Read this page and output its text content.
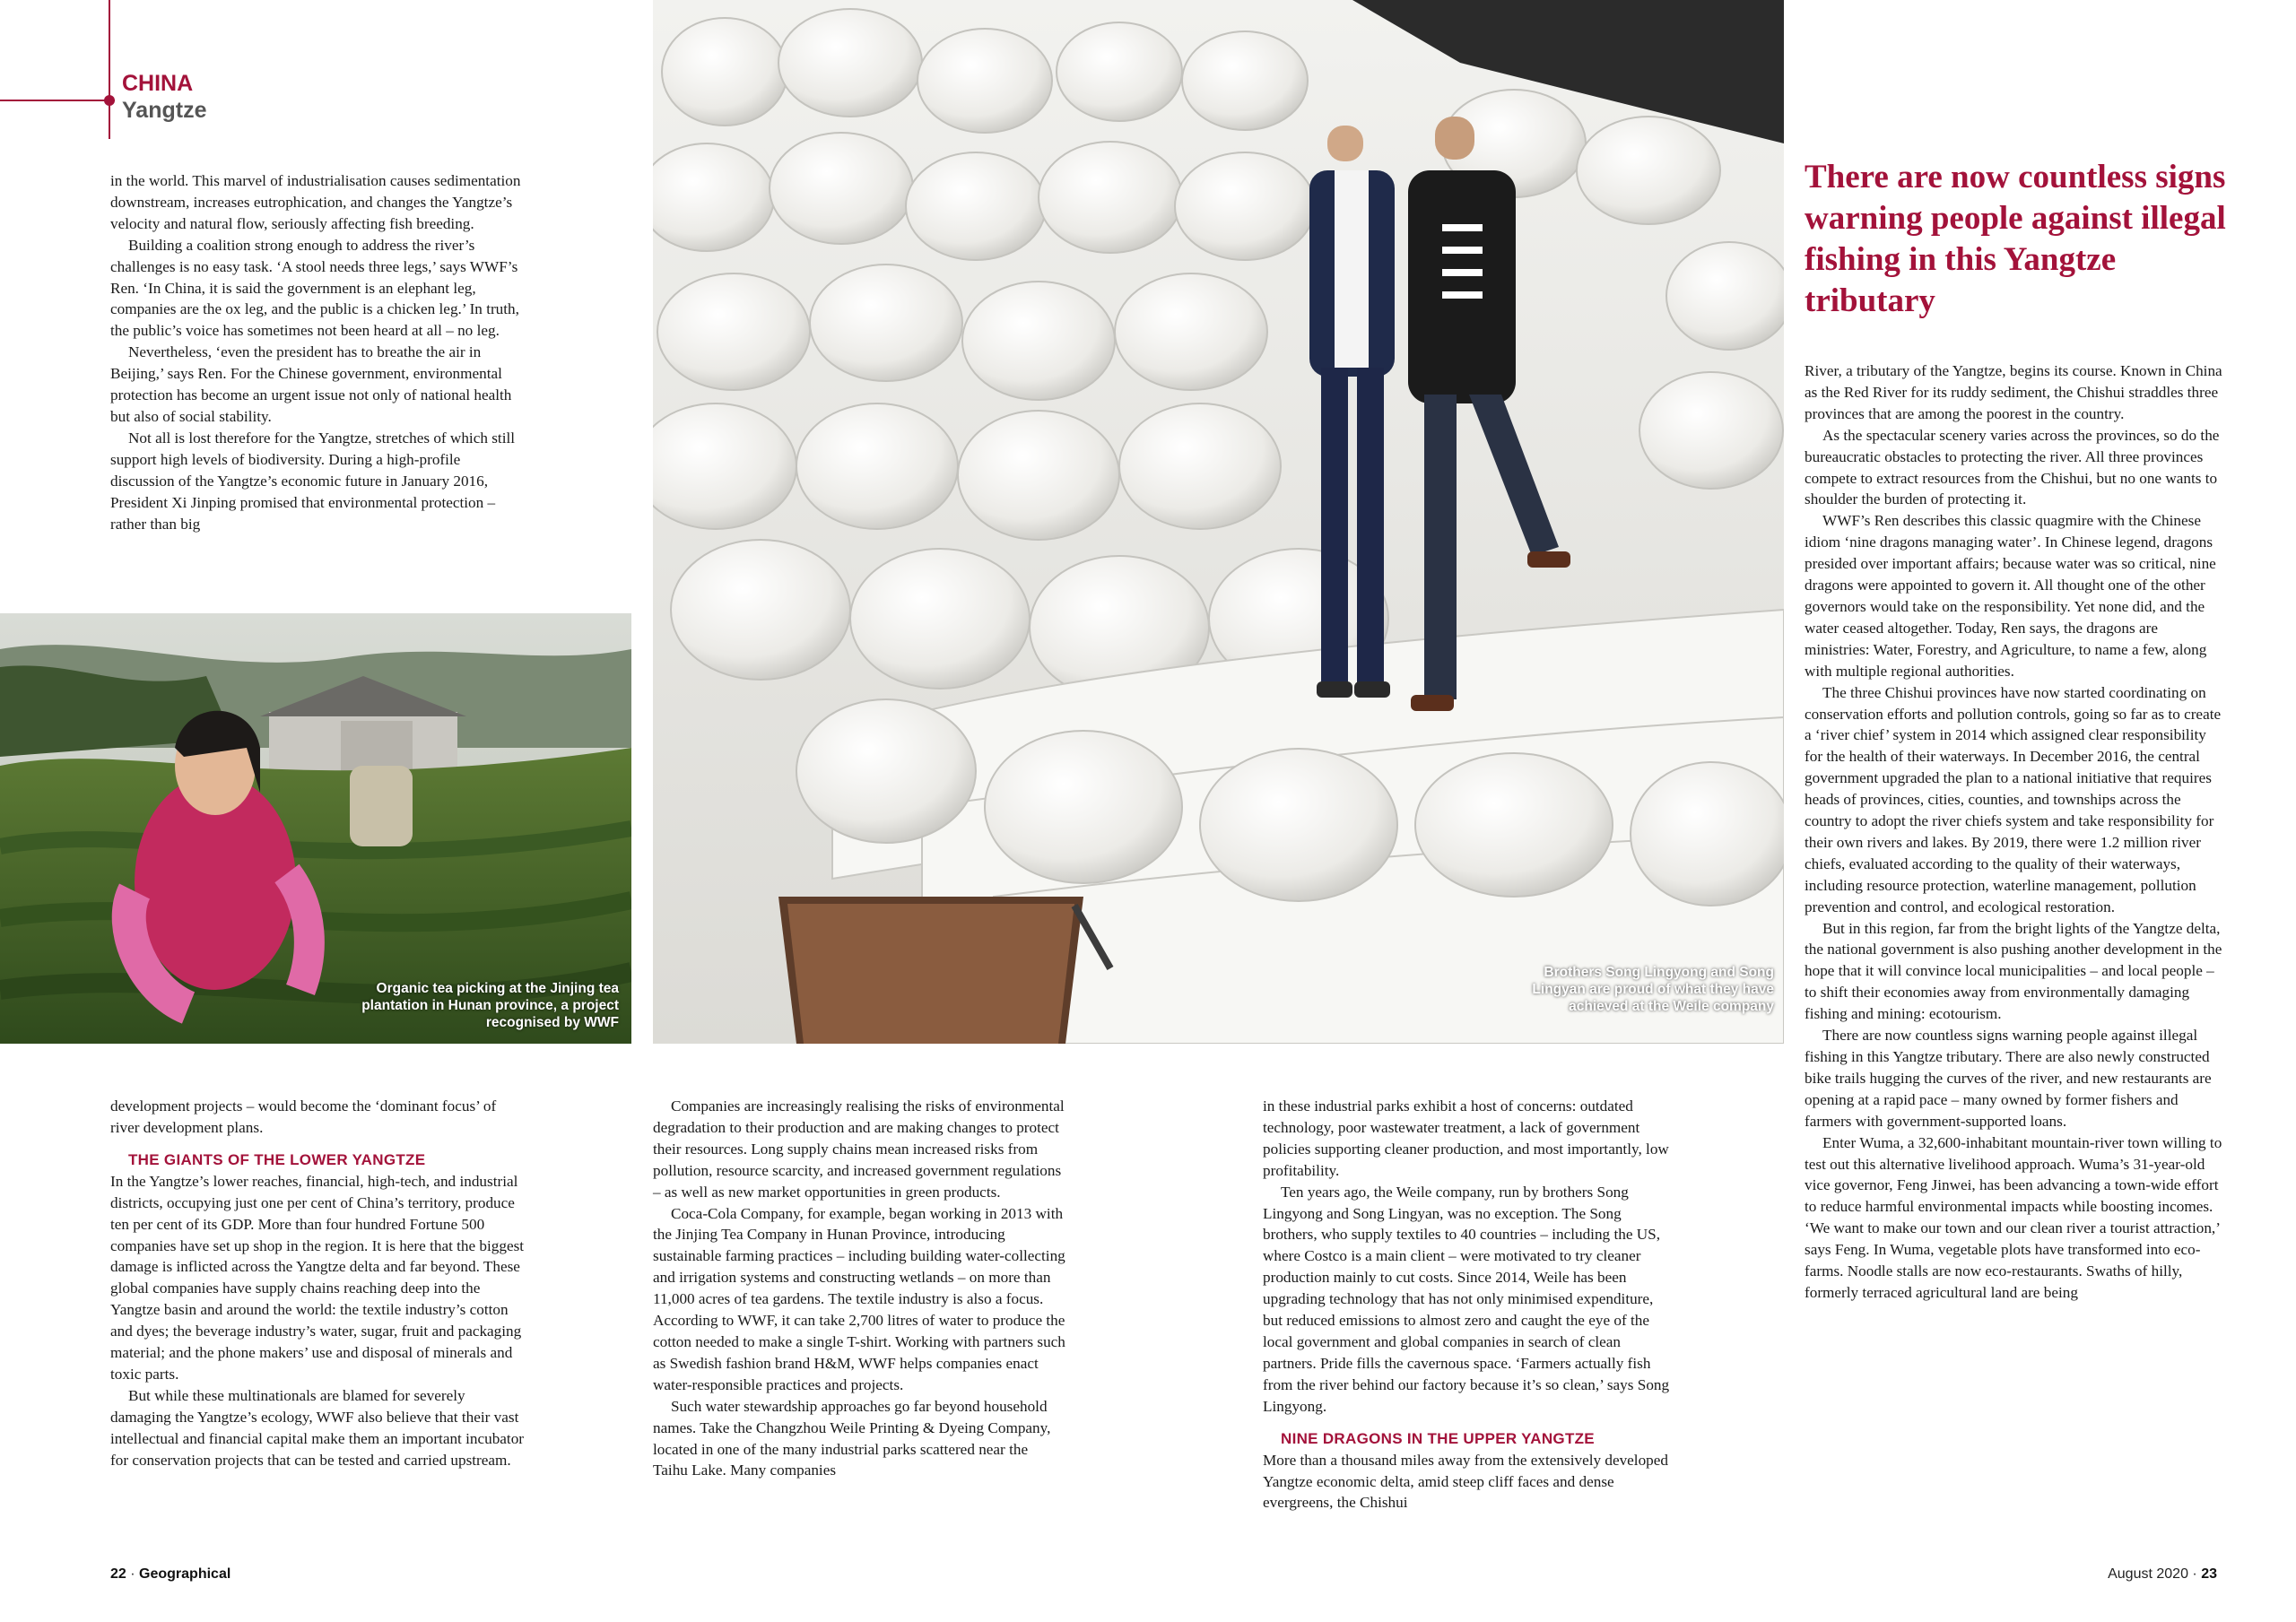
CHINA
Yangtze

in the world. This marvel of industrialisation causes sedimentation downstream, increases eutrophication, and changes the Yangtze’s velocity and natural flow, seriously affecting fish breeding.

Building a coalition strong enough to address the river’s challenges is no easy task. ‘A stool needs three legs,’ says WWF’s Ren. ‘In China, it is said the government is an elephant leg, companies are the ox leg, and the public is a chicken leg.’ In truth, the public’s voice has sometimes not been heard at all – no leg.

Nevertheless, ‘even the president has to breathe the air in Beijing,’ says Ren. For the Chinese government, environmental protection has become an urgent issue not only of national health but also of social stability.

Not all is lost therefore for the Yangtze, stretches of which still support high levels of biodiversity. During a high-profile discussion of the Yangtze’s economic future in January 2016, President Xi Jinping promised that environmental protection – rather than big

Organic tea picking at the Jinjing tea plantation in Hunan province, a project recognised by WWF

Brothers Song Lingyong and Song Lingyan are proud of what they have achieved at the Weile company

development projects – would become the ‘dominant focus’ of river development plans.

THE GIANTS OF THE LOWER YANGTZE

In the Yangtze’s lower reaches, financial, high-tech, and industrial districts, occupying just one per cent of China’s territory, produce ten per cent of its GDP. More than four hundred Fortune 500 companies have set up shop in the region. It is here that the biggest damage is inflicted across the Yangtze delta and far beyond. These global companies have supply chains reaching deep into the Yangtze basin and around the world: the textile industry’s cotton and dyes; the beverage industry’s water, sugar, fruit and packaging material; and the phone makers’ use and disposal of minerals and toxic parts.

But while these multinationals are blamed for severely damaging the Yangtze’s ecology, WWF also believe that their vast intellectual and financial capital make them an important incubator for conservation projects that can be tested and carried upstream.

Companies are increasingly realising the risks of environmental degradation to their production and are making changes to protect their resources. Long supply chains mean increased risks from pollution, resource scarcity, and increased government regulations – as well as new market opportunities in green products.

Coca-Cola Company, for example, began working in 2013 with the Jinjing Tea Company in Hunan Province, introducing sustainable farming practices – including building water-collecting and irrigation systems and constructing wetlands – on more than 11,000 acres of tea gardens. The textile industry is also a focus. According to WWF, it can take 2,700 litres of water to produce the cotton needed to make a single T-shirt. Working with partners such as Swedish fashion brand H&M, WWF helps companies enact water-responsible practices and projects.

Such water stewardship approaches go far beyond household names. Take the Changzhou Weile Printing & Dyeing Company, located in one of the many industrial parks scattered near the Taihu Lake. Many companies

in these industrial parks exhibit a host of concerns: outdated technology, poor wastewater treatment, a lack of government policies supporting cleaner production, and most importantly, low profitability.

Ten years ago, the Weile company, run by brothers Song Lingyong and Song Lingyan, was no exception. The Song brothers, who supply textiles to 40 countries – including the US, where Costco is a main client – were motivated to try cleaner production mainly to cut costs. Since 2014, Weile has been upgrading technology that has not only minimised expenditure, but reduced emissions to almost zero and caught the eye of the local government and global companies in search of clean partners. Pride fills the cavernous space. ‘Farmers actually fish from the river behind our factory because it’s so clean,’ says Song Lingyong.

NINE DRAGONS IN THE UPPER YANGTZE

More than a thousand miles away from the extensively developed Yangtze economic delta, amid steep cliff faces and dense evergreens, the Chishui

There are now countless signs warning people against illegal fishing in this Yangtze tributary

River, a tributary of the Yangtze, begins its course. Known in China as the Red River for its ruddy sediment, the Chishui straddles three provinces that are among the poorest in the country.

As the spectacular scenery varies across the provinces, so do the bureaucratic obstacles to protecting the river. All three provinces compete to extract resources from the Chishui, but no one wants to shoulder the burden of protecting it.

WWF’s Ren describes this classic quagmire with the Chinese idiom ‘nine dragons managing water’. In Chinese legend, dragons presided over important affairs; because water was so critical, nine dragons were appointed to govern it. All thought one of the other governors would take on the responsibility. Yet none did, and the water ceased altogether. Today, Ren says, the dragons are ministries: Water, Forestry, and Agriculture, to name a few, along with multiple regional authorities.

The three Chishui provinces have now started coordinating on conservation efforts and pollution controls, going so far as to create a ‘river chief’ system in 2014 which assigned clear responsibility for the health of their waterways. In December 2016, the central government upgraded the plan to a national initiative that requires heads of provinces, cities, counties, and townships across the country to adopt the river chiefs system and take responsibility for their own rivers and lakes. By 2019, there were 1.2 million river chiefs, evaluated according to the quality of their waterways, including resource protection, waterline management, pollution prevention and control, and ecological restoration.

But in this region, far from the bright lights of the Yangtze delta, the national government is also pushing another development in the hope that it will convince local municipalities – and local people – to shift their economies away from environmentally damaging fishing and mining: ecotourism.

There are now countless signs warning people against illegal fishing in this Yangtze tributary. There are also newly constructed bike trails hugging the curves of the river, and new restaurants are opening at a rapid pace – many owned by former fishers and farmers with government-supported loans.

Enter Wuma, a 32,600-inhabitant mountain-river town willing to test out this alternative livelihood approach. Wuma’s 31-year-old vice governor, Feng Jinwei, has been advancing a town-wide effort to reduce harmful environmental impacts while boosting incomes. ‘We want to make our town and our clean river a tourist attraction,’ says Feng. In Wuma, vegetable plots have transformed into eco-farms. Noodle stalls are now eco-restaurants. Swaths of hilly, formerly terraced agricultural land are being

22 · Geographical	August 2020 · 23
